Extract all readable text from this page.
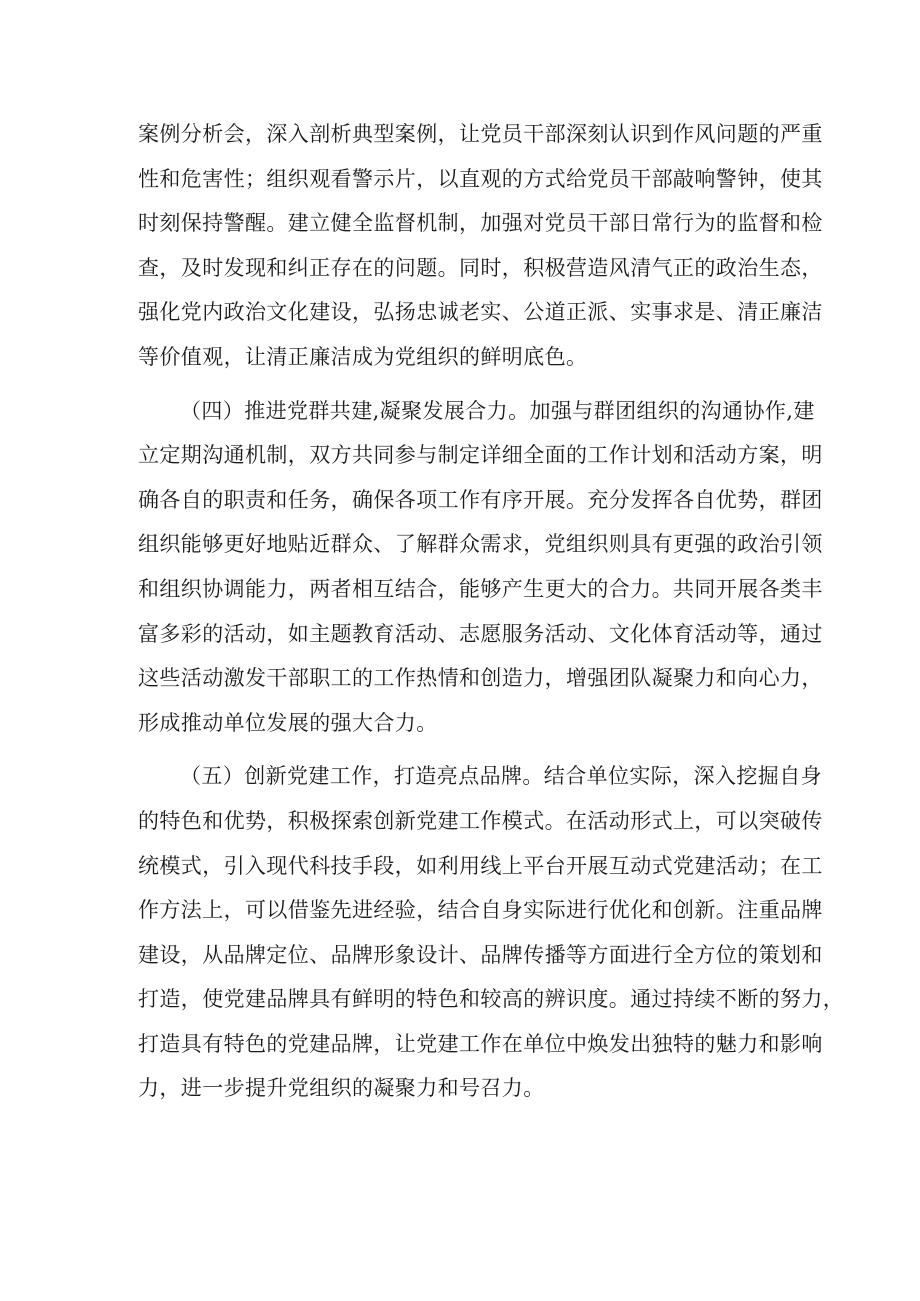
案例分析会，深入剖析典型案例，让党员干部深刻认识到作风问题的严重
性和危害性；组织观看警示片，以直观的方式给党员干部敲响警钟，使其
时刻保持警醒。建立健全监督机制，加强对党员干部日常行为的监督和检
查，及时发现和纠正存在的问题。同时，积极营造风清气正的政治生态，
强化党内政治文化建设，弘扬忠诚老实、公道正派、实事求是、清正廉洁
等价值观，让清正廉洁成为党组织的鲜明底色。
（四）推进党群共建,凝聚发展合力。加强与群团组织的沟通协作,建
立定期沟通机制，双方共同参与制定详细全面的工作计划和活动方案，明
确各自的职责和任务，确保各项工作有序开展。充分发挥各自优势，群团
组织能够更好地贴近群众、了解群众需求，党组织则具有更强的政治引领
和组织协调能力，两者相互结合，能够产生更大的合力。共同开展各类丰
富多彩的活动，如主题教育活动、志愿服务活动、文化体育活动等，通过
这些活动激发干部职工的工作热情和创造力，增强团队凝聚力和向心力，
形成推动单位发展的强大合力。
（五）创新党建工作，打造亮点品牌。结合单位实际，深入挖掘自身
的特色和优势，积极探索创新党建工作模式。在活动形式上，可以突破传
统模式，引入现代科技手段，如利用线上平台开展互动式党建活动；在工
作方法上，可以借鉴先进经验，结合自身实际进行优化和创新。注重品牌
建设，从品牌定位、品牌形象设计、品牌传播等方面进行全方位的策划和
打造，使党建品牌具有鲜明的特色和较高的辨识度。通过持续不断的努力，
打造具有特色的党建品牌，让党建工作在单位中焕发出独特的魅力和影响
力，进一步提升党组织的凝聚力和号召力。
